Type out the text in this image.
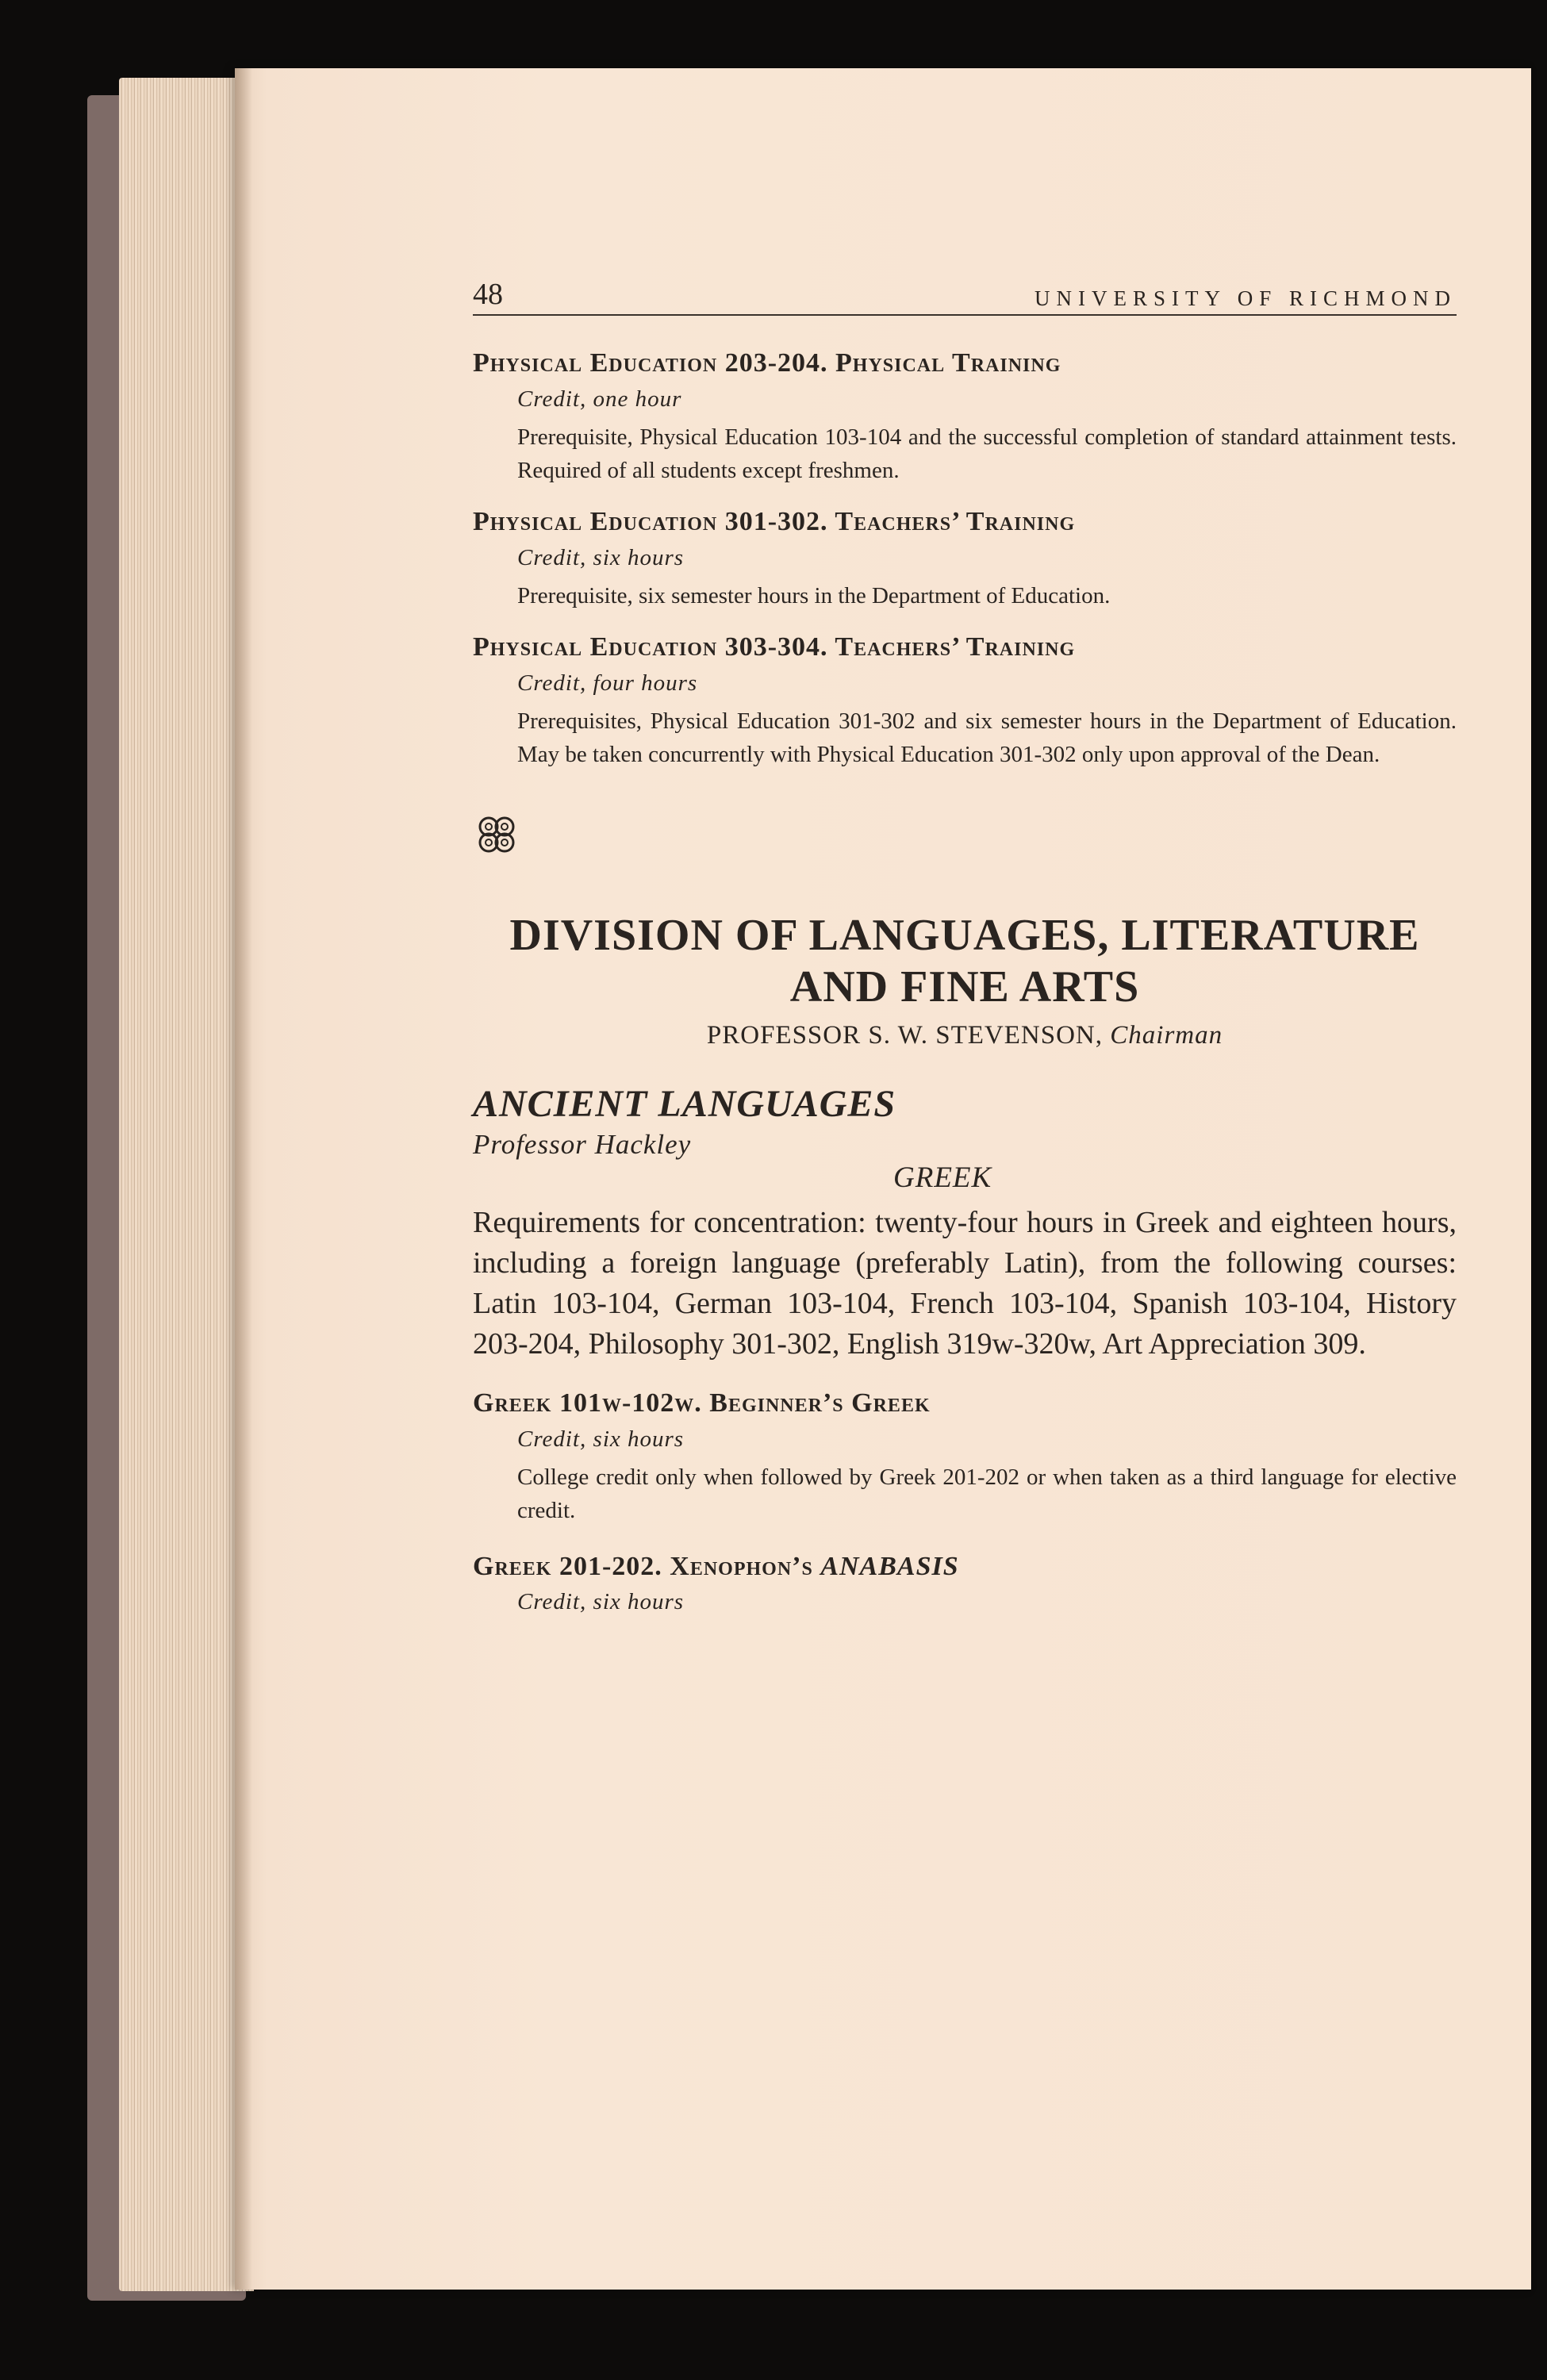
48	UNIVERSITY OF RICHMOND
Physical Education 203-204. Physical Training
Credit, one hour

Prerequisite, Physical Education 103-104 and the successful completion of standard attainment tests. Required of all students except freshmen.

Physical Education 301-302. Teachers’ Training
Credit, six hours

Prerequisite, six semester hours in the Department of Education.

Physical Education 303-304. Teachers’ Training
Credit, four hours

Prerequisites, Physical Education 301-302 and six semester hours in the Department of Education. May be taken concurrently with Physical Education 301-302 only upon approval of the Dean.

DIVISION OF LANGUAGES, LITERATURE
AND FINE ARTS
PROFESSOR S. W. STEVENSON, Chairman
ANCIENT LANGUAGES
Professor Hackley
GREEK

Requirements for concentration: twenty-four hours in Greek and eighteen hours, including a foreign language (preferably Latin), from the following courses: Latin 103-104, German 103-104, French 103-104, Spanish 103-104, History 203-204, Philosophy 301-302, English 319w-320w, Art Appreciation 309.

Greek 101w-102w. Beginner’s Greek
Credit, six hours

College credit only when followed by Greek 201-202 or when taken as a third language for elective credit.

Greek 201-202. Xenophon’s ANABASIS
Credit, six hours
